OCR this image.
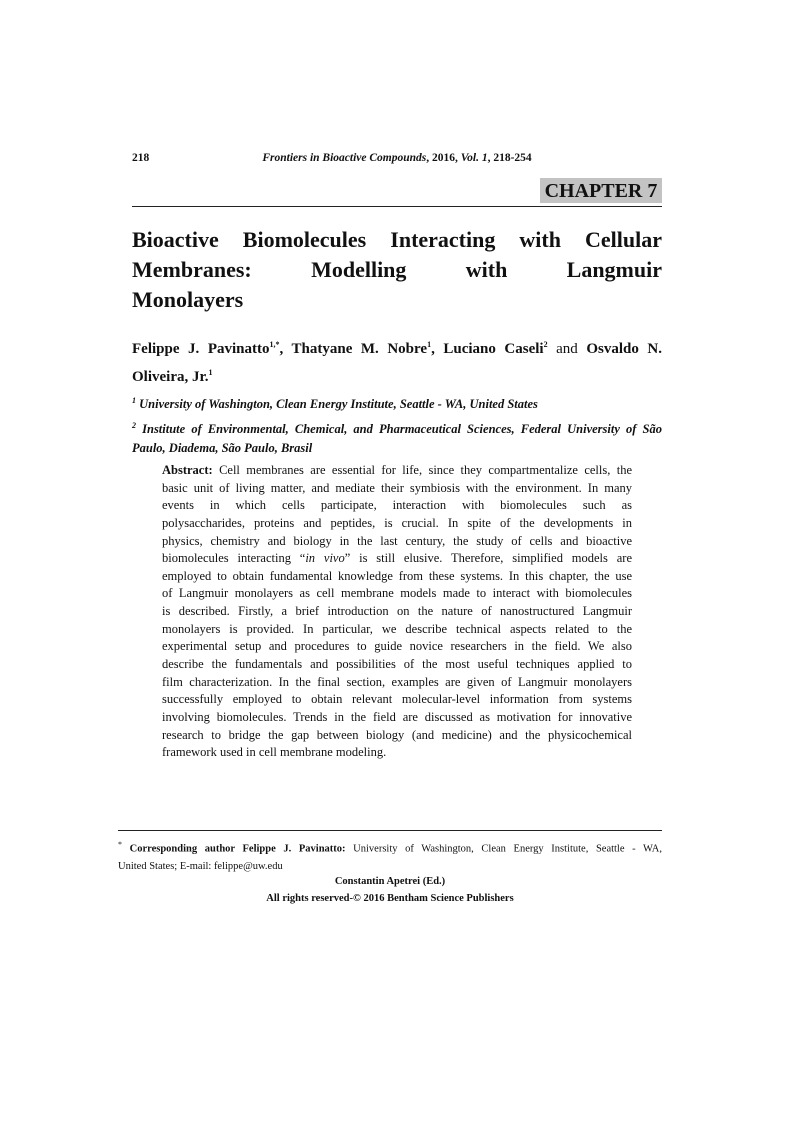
218	Frontiers in Bioactive Compounds, 2016, Vol. 1, 218-254
CHAPTER 7
Bioactive Biomolecules Interacting with Cellular
Membranes: Modelling with Langmuir
Monolayers
Felippe J. Pavinatto$^{1,*}$, Thatyane M. Nobre$^1$, Luciano Caseli$^2$ and Osvaldo N.
Oliveira, Jr.$^1$
$^1$ University of Washington, Clean Energy Institute, Seattle - WA, United States
$^2$ Institute of Environmental, Chemical, and Pharmaceutical Sciences, Federal University of São
Paulo, Diadema, São Paulo, Brasil
Abstract: Cell membranes are essential for life, since they compartmentalize cells, the
basic unit of living matter, and mediate their symbiosis with the environment. In many
events in which cells participate, interaction with biomolecules such as
polysaccharides, proteins and peptides, is crucial. In spite of the developments in
physics, chemistry and biology in the last century, the study of cells and bioactive
biomolecules interacting “in vivo” is still elusive. Therefore, simplified models are
employed to obtain fundamental knowledge from these systems. In this chapter, the use
of Langmuir monolayers as cell membrane models made to interact with biomolecules
is described. Firstly, a brief introduction on the nature of nanostructured Langmuir
monolayers is provided. In particular, we describe technical aspects related to the
experimental setup and procedures to guide novice researchers in the field. We also
describe the fundamentals and possibilities of the most useful techniques applied to
film characterization. In the final section, examples are given of Langmuir monolayers
successfully employed to obtain relevant molecular-level information from systems
involving biomolecules. Trends in the field are discussed as motivation for innovative
research to bridge the gap between biology (and medicine) and the physicochemical
framework used in cell membrane modeling.
* Corresponding author Felippe J. Pavinatto: University of Washington, Clean Energy Institute, Seattle - WA,
United States; E-mail: felippe@uw.edu
Constantin Apetrei (Ed.)
All rights reserved-© 2016 Bentham Science Publishers
